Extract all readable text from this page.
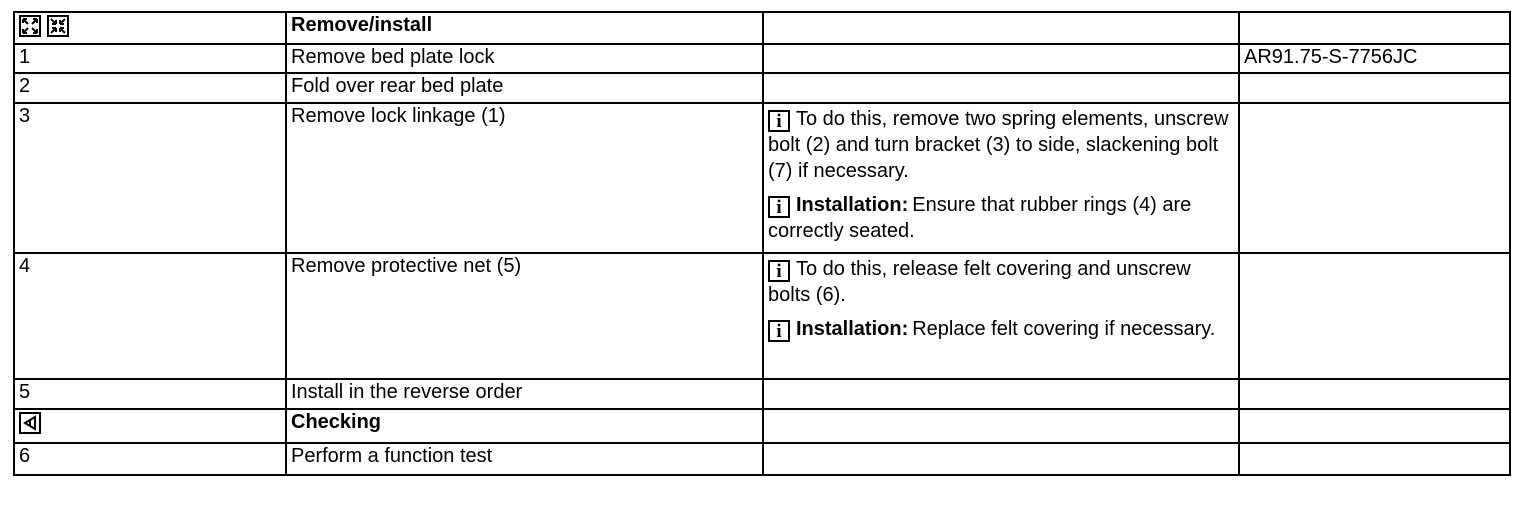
	Remove/install		
1	Remove bed plate lock		AR91.75-S-7756JC
2	Fold over rear bed plate		
3	Remove lock linkage (1)	i To do this, remove two spring elements, unscrew bolt (2) and turn bracket (3) to side, slackening bolt (7) if necessary.
i Installation: Ensure that rubber rings (4) are correctly seated.	

4	Remove protective net (5)	i To do this, release felt covering and unscrew bolts (6).
i Installation: Replace felt covering if necessary.	

5	Install in the reverse order		

	Checking		
6	Perform a function test		
